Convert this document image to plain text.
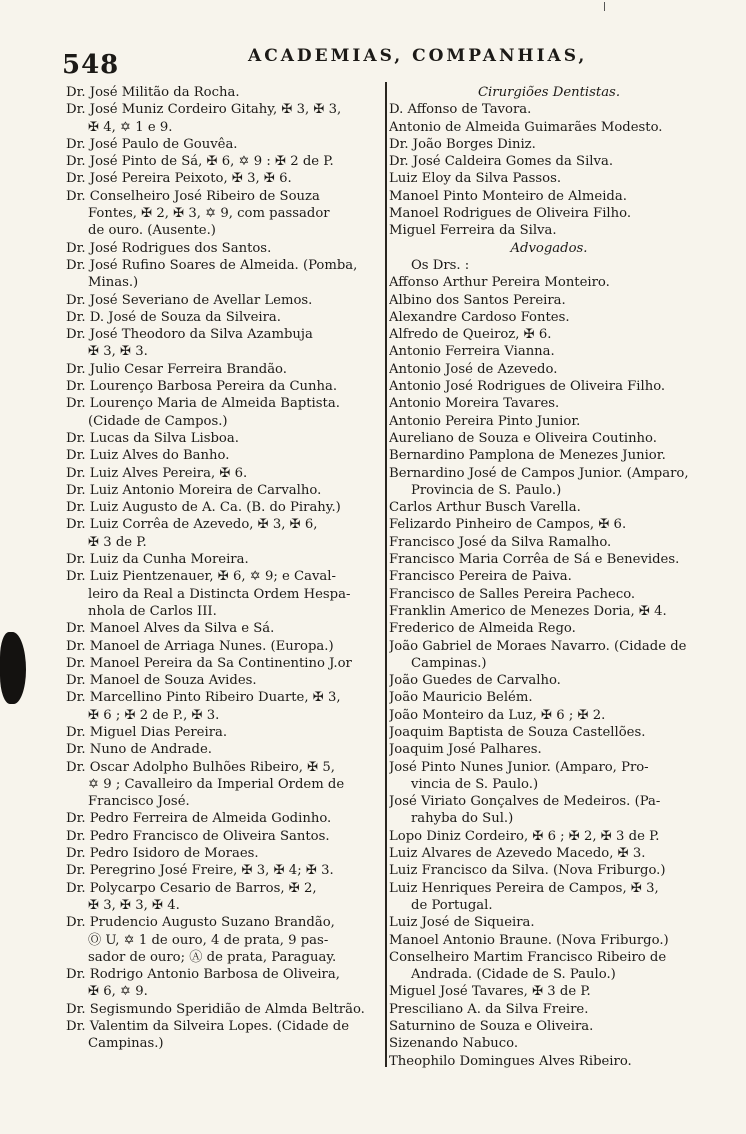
548	ACADEMIAS, COMPANHIAS,
Dr. José Militão da Rocha.
Dr. José Muniz Cordeiro Gitahy, ✠ 3, ✠ 3,
✠ 4, ✡ 1 e 9.
Dr. José Paulo de Gouvêa.
Dr. José Pinto de Sá, ✠ 6, ✡ 9 : ✠ 2 de P.
Dr. José Pereira Peixoto, ✠ 3, ✠ 6.
Dr. Conselheiro José Ribeiro de Souza
Fontes, ✠ 2, ✠ 3, ✡ 9, com passador
de ouro. (Ausente.)
Dr. José Rodrigues dos Santos.
Dr. José Rufino Soares de Almeida. (Pomba,
Minas.)
Dr. José Severiano de Avellar Lemos.
Dr. D. José de Souza da Silveira.
Dr. José Theodoro da Silva Azambuja
✠ 3, ✠ 3.
Dr. Julio Cesar Ferreira Brandão.
Dr. Lourenço Barbosa Pereira da Cunha.
Dr. Lourenço Maria de Almeida Baptista.
(Cidade de Campos.)
Dr. Lucas da Silva Lisboa.
Dr. Luiz Alves do Banho.
Dr. Luiz Alves Pereira, ✠ 6.
Dr. Luiz Antonio Moreira de Carvalho.
Dr. Luiz Augusto de A. Ca. (B. do Pirahy.)
Dr. Luiz Corrêa de Azevedo, ✠ 3, ✠ 6,
✠ 3 de P.
Dr. Luiz da Cunha Moreira.
Dr. Luiz Pientzenauer, ✠ 6, ✡ 9; e Caval-
leiro da Real a Distincta Ordem Hespa-
nhola de Carlos III.
Dr. Manoel Alves da Silva e Sá.
Dr. Manoel de Arriaga Nunes. (Europa.)
Dr. Manoel Pereira da Sa Continentino J.or
Dr. Manoel de Souza Avides.
Dr. Marcellino Pinto Ribeiro Duarte, ✠ 3,
✠ 6 ; ✠ 2 de P., ✠ 3.
Dr. Miguel Dias Pereira.
Dr. Nuno de Andrade.
Dr. Oscar Adolpho Bulhões Ribeiro, ✠ 5,
✡ 9 ; Cavalleiro da Imperial Ordem de
Francisco José.
Dr. Pedro Ferreira de Almeida Godinho.
Dr. Pedro Francisco de Oliveira Santos.
Dr. Pedro Isidoro de Moraes.
Dr. Peregrino José Freire, ✠ 3, ✠ 4; ✠ 3.
Dr. Polycarpo Cesario de Barros, ✠ 2,
✠ 3, ✠ 3, ✠ 4.
Dr. Prudencio Augusto Suzano Brandão,
Ⓞ U, ✡ 1 de ouro, 4 de prata, 9 pas-
sador de ouro; Ⓐ de prata, Paraguay.
Dr. Rodrigo Antonio Barbosa de Oliveira,
✠ 6, ✡ 9.
Dr. Segismundo Speridião de Almda Beltrão.
Dr. Valentim da Silveira Lopes. (Cidade de
Campinas.)
Cirurgiões Dentistas.
D. Affonso de Tavora.
Antonio de Almeida Guimarães Modesto.
Dr. João Borges Diniz.
Dr. José Caldeira Gomes da Silva.
Luiz Eloy da Silva Passos.
Manoel Pinto Monteiro de Almeida.
Manoel Rodrigues de Oliveira Filho.
Miguel Ferreira da Silva.
Advogados.
Os Drs. :
Affonso Arthur Pereira Monteiro.
Albino dos Santos Pereira.
Alexandre Cardoso Fontes.
Alfredo de Queiroz, ✠ 6.
Antonio Ferreira Vianna.
Antonio José de Azevedo.
Antonio José Rodrigues de Oliveira Filho.
Antonio Moreira Tavares.
Antonio Pereira Pinto Junior.
Aureliano de Souza e Oliveira Coutinho.
Bernardino Pamplona de Menezes Junior.
Bernardino José de Campos Junior. (Amparo,
Provincia de S. Paulo.)
Carlos Arthur Busch Varella.
Felizardo Pinheiro de Campos, ✠ 6.
Francisco José da Silva Ramalho.
Francisco Maria Corrêa de Sá e Benevides.
Francisco Pereira de Paiva.
Francisco de Salles Pereira Pacheco.
Franklin Americo de Menezes Doria, ✠ 4.
Frederico de Almeida Rego.
João Gabriel de Moraes Navarro. (Cidade de
Campinas.)
João Guedes de Carvalho.
João Mauricio Belém.
João Monteiro da Luz, ✠ 6 ; ✠ 2.
Joaquim Baptista de Souza Castellões.
Joaquim José Palhares.
José Pinto Nunes Junior. (Amparo, Pro-
vincia de S. Paulo.)
José Viriato Gonçalves de Medeiros. (Pa-
rahyba do Sul.)
Lopo Diniz Cordeiro, ✠ 6 ; ✠ 2, ✠ 3 de P.
Luiz Alvares de Azevedo Macedo, ✠ 3.
Luiz Francisco da Silva. (Nova Friburgo.)
Luiz Henriques Pereira de Campos, ✠ 3,
de Portugal.
Luiz José de Siqueira.
Manoel Antonio Braune. (Nova Friburgo.)
Conselheiro Martim Francisco Ribeiro de
Andrada. (Cidade de S. Paulo.)
Miguel José Tavares, ✠ 3 de P.
Presciliano A. da Silva Freire.
Saturnino de Souza e Oliveira.
Sizenando Nabuco.
Theophilo Domingues Alves Ribeiro.
